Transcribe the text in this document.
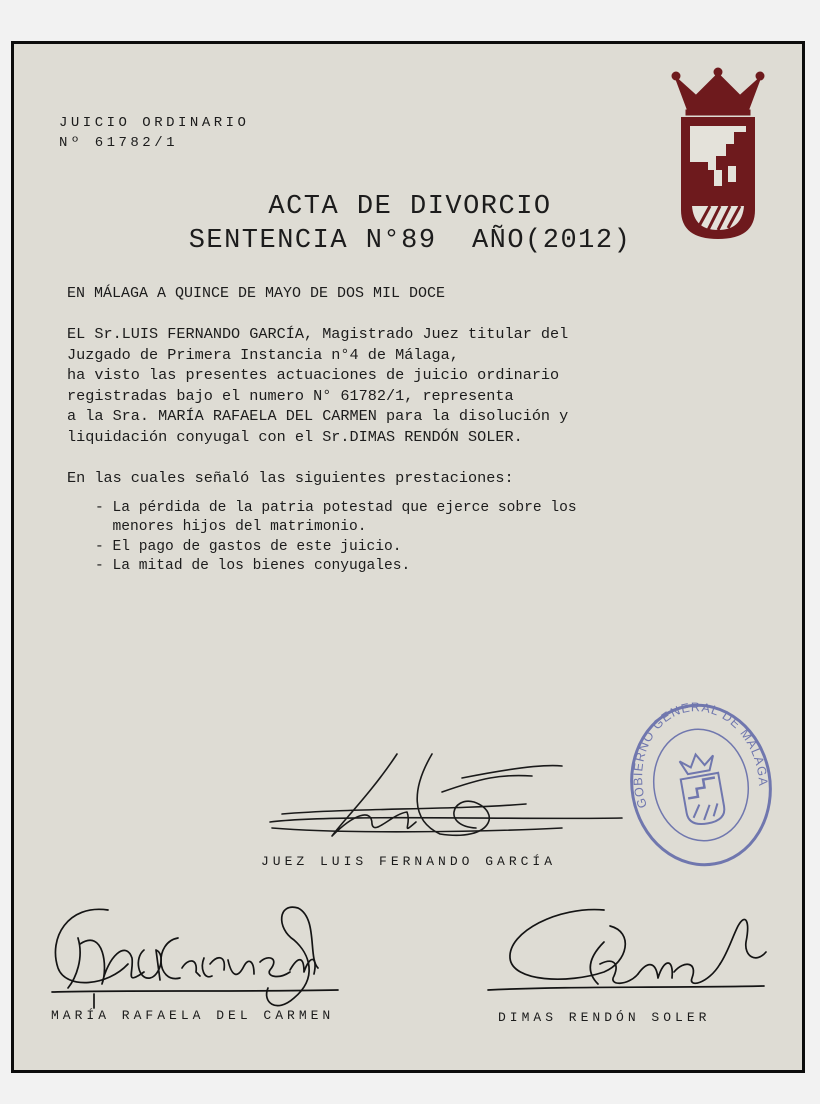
JUICIO ORDINARIO
Nº 61782/1
ACTA DE DIVORCIO
SENTENCIA N°89  AÑO(2012)
EN MÁLAGA A QUINCE DE MAYO DE DOS MIL DOCE
EL Sr.LUIS FERNANDO GARCÍA, Magistrado Juez titular del
Juzgado de Primera Instancia n°4 de Málaga,
ha visto las presentes actuaciones de juicio ordinario
registradas bajo el numero N° 61782/1, representa
a la Sra. MARÍA RAFAELA DEL CARMEN para la disolución y
liquidación conyugal con el Sr.DIMAS RENDÓN SOLER.
En las cuales señaló las siguientes prestaciones:
- La pérdida de la patria potestad que ejerce sobre los
menores hijos del matrimonio.
- El pago de gastos de este juicio.
- La mitad de los bienes conyugales.
GOBIERNO GENERAL DE MÁLAGA
JUEZ LUIS FERNANDO GARCÍA
MARÍA RAFAELA DEL CARMEN	DIMAS RENDÓN SOLER
